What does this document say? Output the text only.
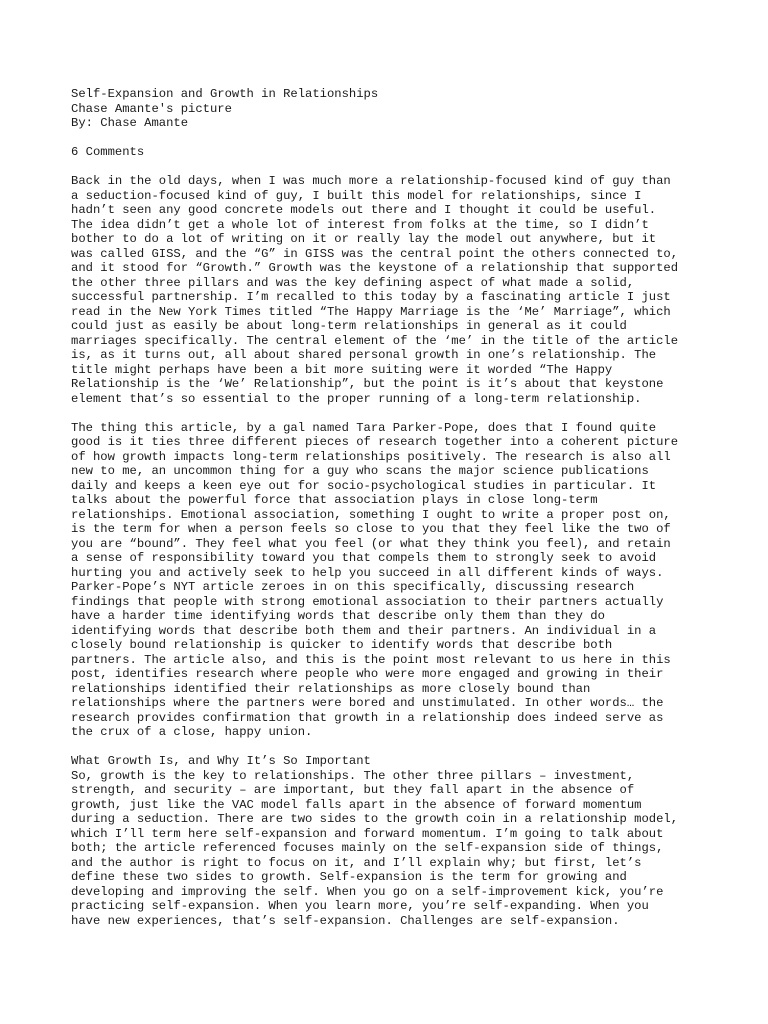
Self-Expansion and Growth in Relationships
Chase Amante's picture
By: Chase Amante
6 Comments
Back in the old days, when I was much more a relationship-focused kind of guy than
a seduction-focused kind of guy, I built this model for relationships, since I
hadn’t seen any good concrete models out there and I thought it could be useful.
The idea didn’t get a whole lot of interest from folks at the time, so I didn’t
bother to do a lot of writing on it or really lay the model out anywhere, but it
was called GISS, and the “G” in GISS was the central point the others connected to,
and it stood for “Growth.” Growth was the keystone of a relationship that supported
the other three pillars and was the key defining aspect of what made a solid,
successful partnership. I’m recalled to this today by a fascinating article I just
read in the New York Times titled “The Happy Marriage is the ‘Me’ Marriage”, which
could just as easily be about long-term relationships in general as it could
marriages specifically. The central element of the ‘me’ in the title of the article
is, as it turns out, all about shared personal growth in one’s relationship. The
title might perhaps have been a bit more suiting were it worded “The Happy
Relationship is the ‘We’ Relationship”, but the point is it’s about that keystone
element that’s so essential to the proper running of a long-term relationship.
The thing this article, by a gal named Tara Parker-Pope, does that I found quite
good is it ties three different pieces of research together into a coherent picture
of how growth impacts long-term relationships positively. The research is also all
new to me, an uncommon thing for a guy who scans the major science publications
daily and keeps a keen eye out for socio-psychological studies in particular. It
talks about the powerful force that association plays in close long-term
relationships. Emotional association, something I ought to write a proper post on,
is the term for when a person feels so close to you that they feel like the two of
you are “bound”. They feel what you feel (or what they think you feel), and retain
a sense of responsibility toward you that compels them to strongly seek to avoid
hurting you and actively seek to help you succeed in all different kinds of ways.
Parker-Pope’s NYT article zeroes in on this specifically, discussing research
findings that people with strong emotional association to their partners actually
have a harder time identifying words that describe only them than they do
identifying words that describe both them and their partners. An individual in a
closely bound relationship is quicker to identify words that describe both
partners. The article also, and this is the point most relevant to us here in this
post, identifies research where people who were more engaged and growing in their
relationships identified their relationships as more closely bound than
relationships where the partners were bored and unstimulated. In other words… the
research provides confirmation that growth in a relationship does indeed serve as
the crux of a close, happy union.
What Growth Is, and Why It’s So Important
So, growth is the key to relationships. The other three pillars – investment,
strength, and security – are important, but they fall apart in the absence of
growth, just like the VAC model falls apart in the absence of forward momentum
during a seduction. There are two sides to the growth coin in a relationship model,
which I’ll term here self-expansion and forward momentum. I’m going to talk about
both; the article referenced focuses mainly on the self-expansion side of things,
and the author is right to focus on it, and I’ll explain why; but first, let’s
define these two sides to growth. Self-expansion is the term for growing and
developing and improving the self. When you go on a self-improvement kick, you’re
practicing self-expansion. When you learn more, you’re self-expanding. When you
have new experiences, that’s self-expansion. Challenges are self-expansion.
